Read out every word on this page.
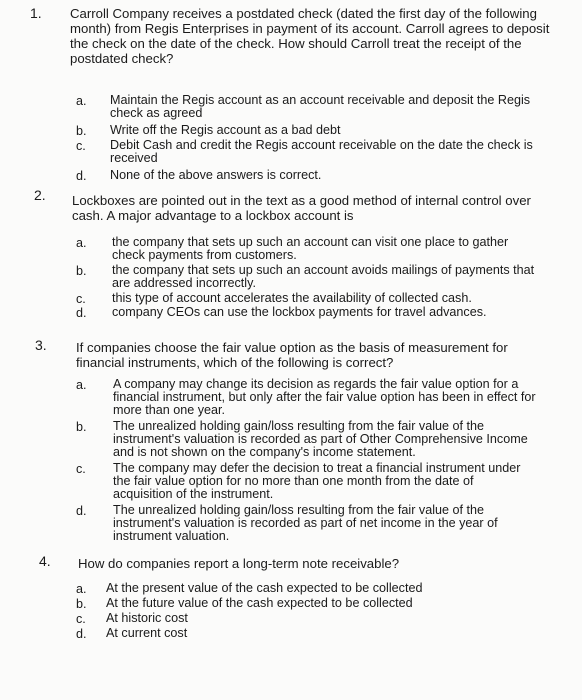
1. Carroll Company receives a postdated check (dated the first day of the following month) from Regis Enterprises in payment of its account. Carroll agrees to deposit the check on the date of the check. How should Carroll treat the receipt of the postdated check?
a. Maintain the Regis account as an account receivable and deposit the Regis check as agreed
b. Write off the Regis account as a bad debt
c. Debit Cash and credit the Regis account receivable on the date the check is received
d. None of the above answers is correct.
2. Lockboxes are pointed out in the text as a good method of internal control over cash. A major advantage to a lockbox account is
a. the company that sets up such an account can visit one place to gather check payments from customers.
b. the company that sets up such an account avoids mailings of payments that are addressed incorrectly.
c. this type of account accelerates the availability of collected cash.
d. company CEOs can use the lockbox payments for travel advances.
3. If companies choose the fair value option as the basis of measurement for financial instruments, which of the following is correct?
a. A company may change its decision as regards the fair value option for a financial instrument, but only after the fair value option has been in effect for more than one year.
b. The unrealized holding gain/loss resulting from the fair value of the instrument's valuation is recorded as part of Other Comprehensive Income and is not shown on the company's income statement.
c. The company may defer the decision to treat a financial instrument under the fair value option for no more than one month from the date of acquisition of the instrument.
d. The unrealized holding gain/loss resulting from the fair value of the instrument's valuation is recorded as part of net income in the year of instrument valuation.
4. How do companies report a long-term note receivable?
a. At the present value of the cash expected to be collected
b. At the future value of the cash expected to be collected
c. At historic cost
d. At current cost
